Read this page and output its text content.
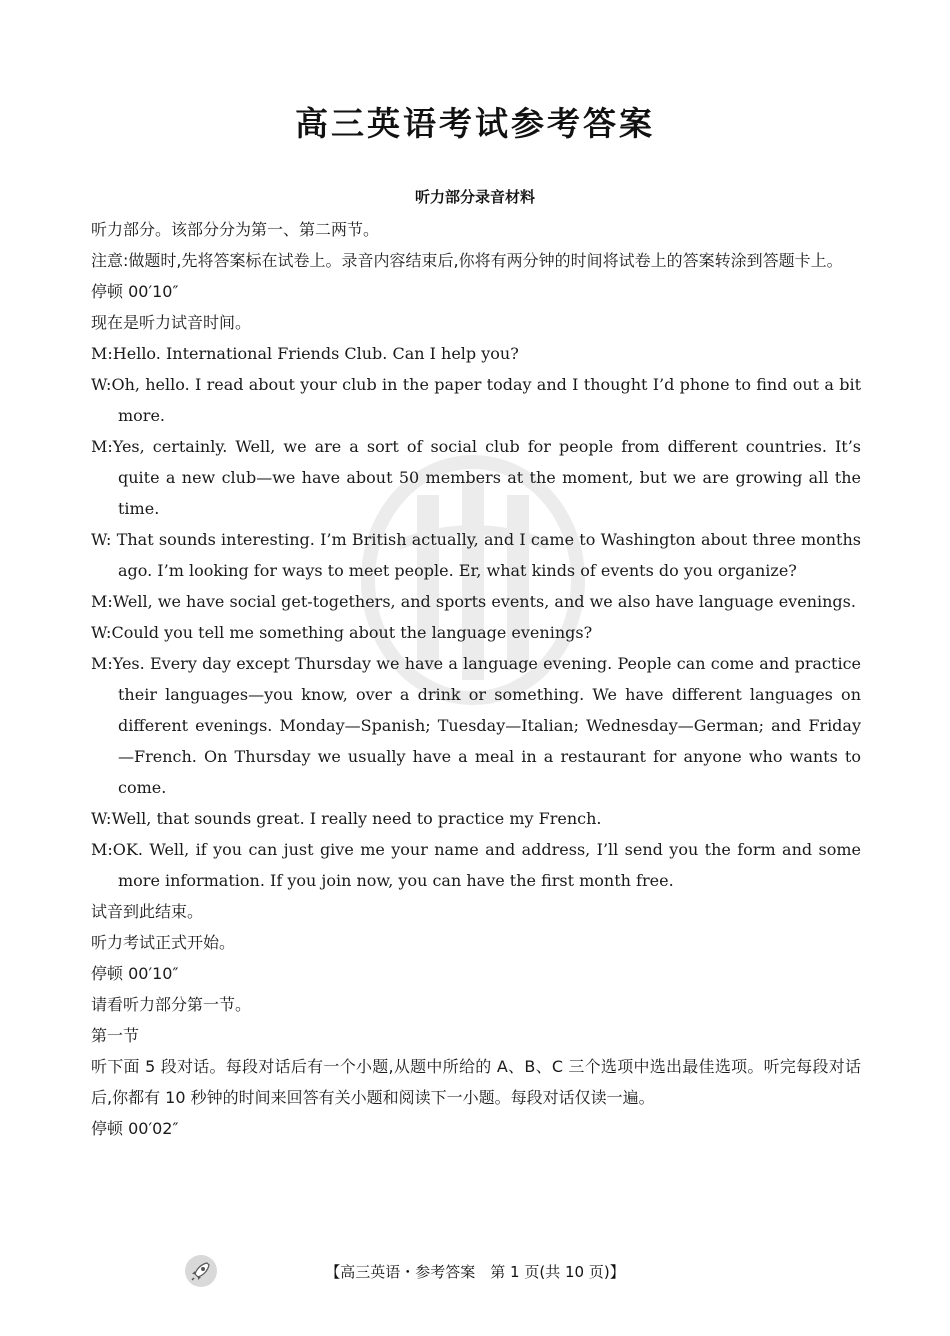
高三英语考试参考答案
听力部分录音材料

听力部分。该部分分为第一、第二两节。

注意:做题时,先将答案标在试卷上。录音内容结束后,你将有两分钟的时间将试卷上的答案转涂到答题卡上。

停顿 00′10″

现在是听力试音时间。

M:Hello. International Friends Club. Can I help you?

W:Oh, hello. I read about your club in the paper today and I thought I’d phone to find out a bit more.

M:Yes, certainly. Well, we are a sort of social club for people from different countries. It’s quite a new club—we have about 50 members at the moment, but we are growing all the time.

W: That sounds interesting. I’m British actually, and I came to Washington about three months ago. I’m looking for ways to meet people. Er, what kinds of events do you organize?

M:Well, we have social get-togethers, and sports events, and we also have language evenings.

W:Could you tell me something about the language evenings?

M:Yes. Every day except Thursday we have a language evening. People can come and practice their languages—you know, over a drink or something. We have different languages on different evenings. Monday—Spanish; Tuesday—Italian; Wednesday—German; and Friday—French. On Thursday we usually have a meal in a restaurant for anyone who wants to come.

W:Well, that sounds great. I really need to practice my French.

M:OK. Well, if you can just give me your name and address, I’ll send you the form and some more information. If you join now, you can have the first month free.

试音到此结束。

听力考试正式开始。

停顿 00′10″

请看听力部分第一节。

第一节

听下面 5 段对话。每段对话后有一个小题,从题中所给的 A、B、C 三个选项中选出最佳选项。听完每段对话后,你都有 10 秒钟的时间来回答有关小题和阅读下一小题。每段对话仅读一遍。

停顿 00′02″

【高三英语・参考答案　第 1 页(共 10 页)】
